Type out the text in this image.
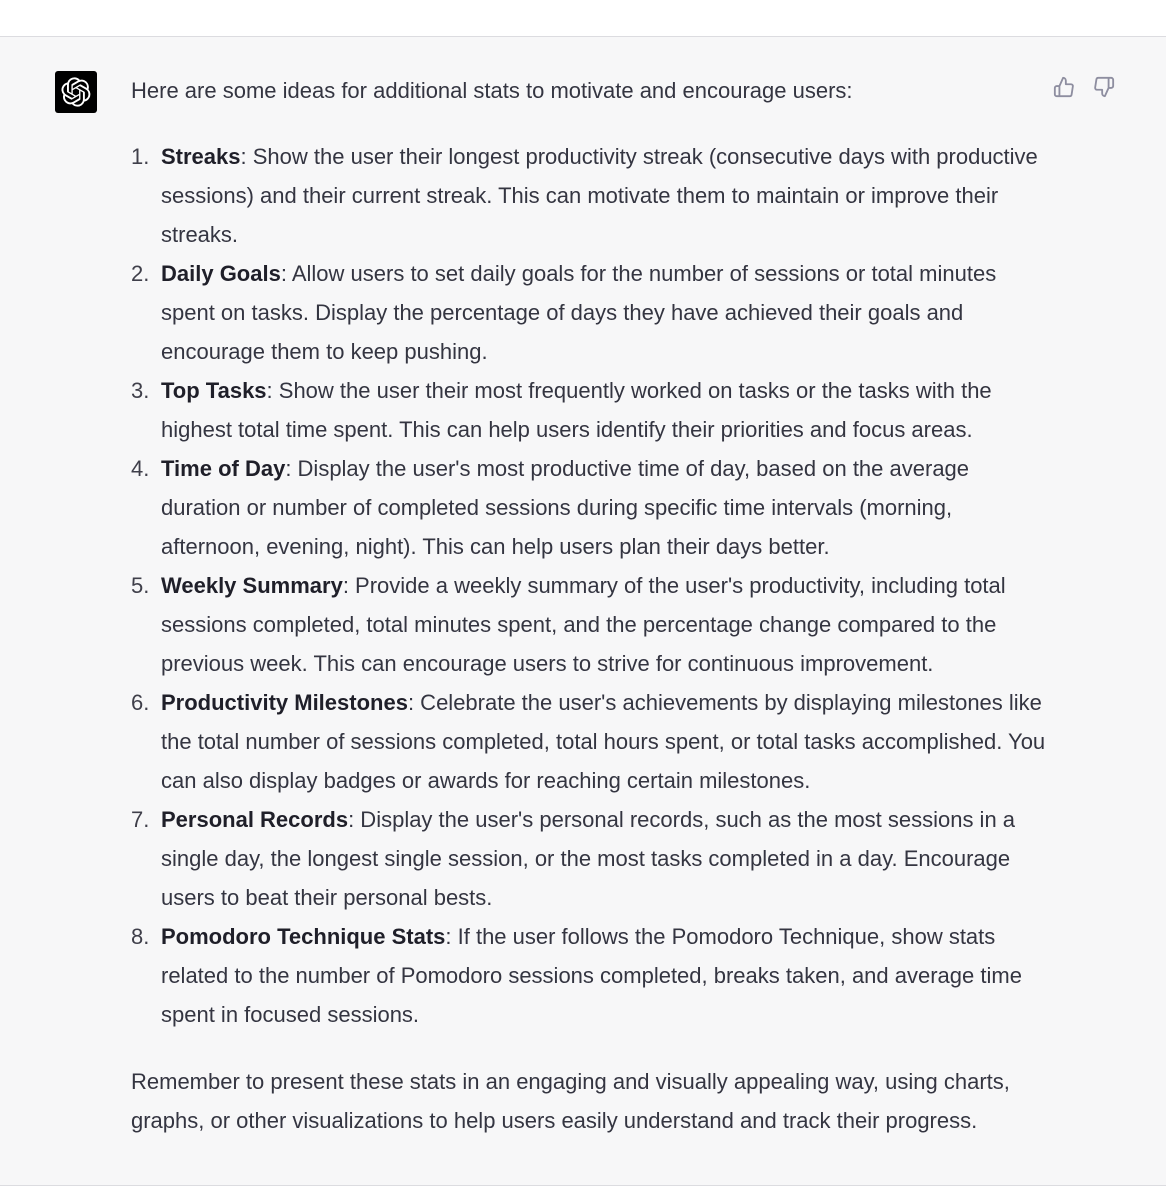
Here are some ideas for additional stats to motivate and encourage users:

1. Streaks: Show the user their longest productivity streak (consecutive days with productive sessions) and their current streak. This can motivate them to maintain or improve their streaks.
2. Daily Goals: Allow users to set daily goals for the number of sessions or total minutes spent on tasks. Display the percentage of days they have achieved their goals and encourage them to keep pushing.
3. Top Tasks: Show the user their most frequently worked on tasks or the tasks with the highest total time spent. This can help users identify their priorities and focus areas.
4. Time of Day: Display the user's most productive time of day, based on the average duration or number of completed sessions during specific time intervals (morning, afternoon, evening, night). This can help users plan their days better.
5. Weekly Summary: Provide a weekly summary of the user's productivity, including total sessions completed, total minutes spent, and the percentage change compared to the previous week. This can encourage users to strive for continuous improvement.
6. Productivity Milestones: Celebrate the user's achievements by displaying milestones like the total number of sessions completed, total hours spent, or total tasks accomplished. You can also display badges or awards for reaching certain milestones.
7. Personal Records: Display the user's personal records, such as the most sessions in a single day, the longest single session, or the most tasks completed in a day. Encourage users to beat their personal bests.
8. Pomodoro Technique Stats: If the user follows the Pomodoro Technique, show stats related to the number of Pomodoro sessions completed, breaks taken, and average time spent in focused sessions.

Remember to present these stats in an engaging and visually appealing way, using charts, graphs, or other visualizations to help users easily understand and track their progress.
